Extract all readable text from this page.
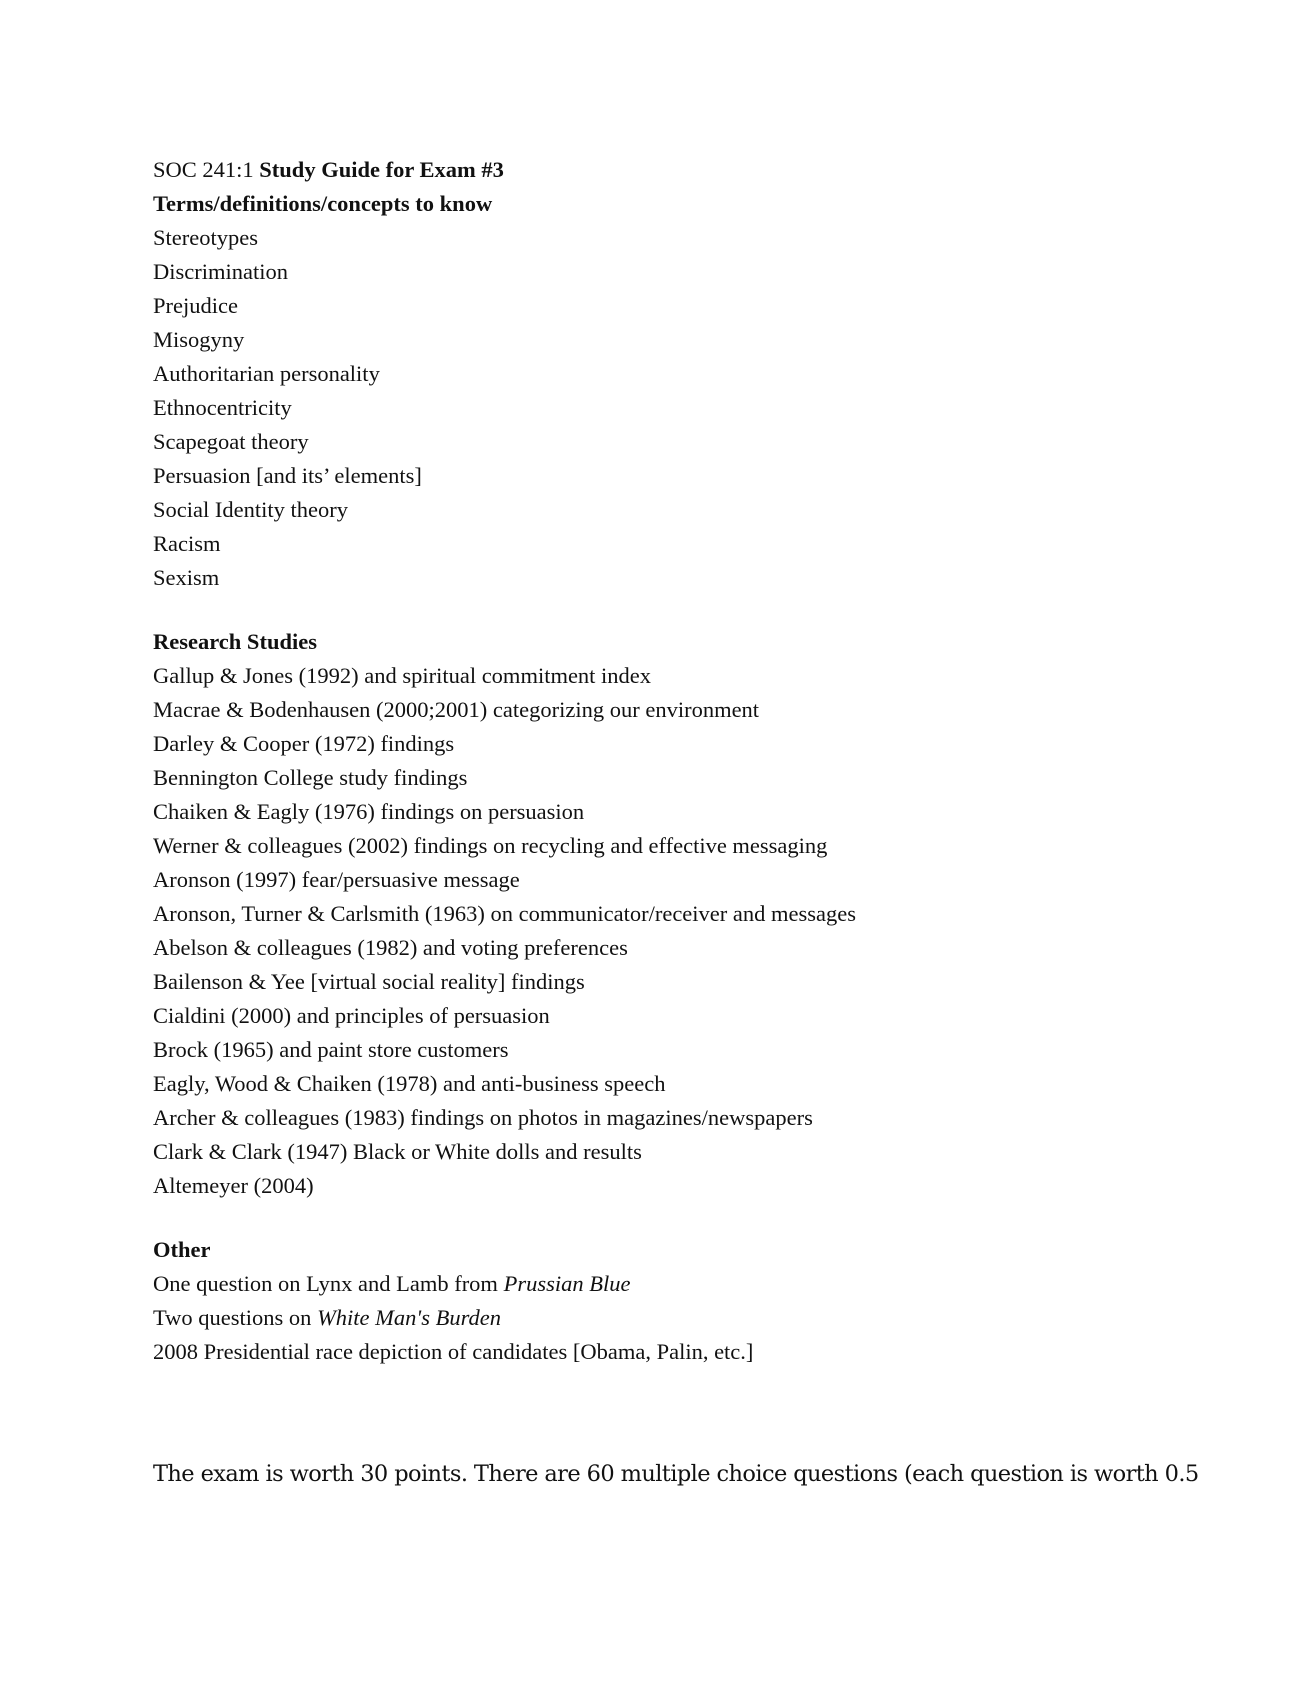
SOC 241:1 Study Guide for Exam #3
Terms/definitions/concepts to know
Stereotypes
Discrimination
Prejudice
Misogyny
Authoritarian personality
Ethnocentricity
Scapegoat theory
Persuasion [and its’ elements]
Social Identity theory
Racism
Sexism
Research Studies
Gallup & Jones (1992) and spiritual commitment index
Macrae & Bodenhausen (2000;2001) categorizing our environment
Darley & Cooper (1972) findings
Bennington College study findings
Chaiken & Eagly (1976) findings on persuasion
Werner & colleagues (2002) findings on recycling and effective messaging
Aronson (1997) fear/persuasive message
Aronson, Turner & Carlsmith (1963) on communicator/receiver and messages
Abelson & colleagues (1982) and voting preferences
Bailenson & Yee [virtual social reality] findings
Cialdini (2000) and principles of persuasion
Brock (1965) and paint store customers
Eagly, Wood & Chaiken (1978) and anti-business speech
Archer & colleagues (1983) findings on photos in magazines/newspapers
Clark & Clark (1947) Black or White dolls and results
Altemeyer (2004)
Other
One question on Lynx and Lamb from Prussian Blue
Two questions on White Man's Burden
2008 Presidential race depiction of candidates [Obama, Palin, etc.]
The exam is worth 30 points. There are 60 multiple choice questions (each question is worth 0.5
